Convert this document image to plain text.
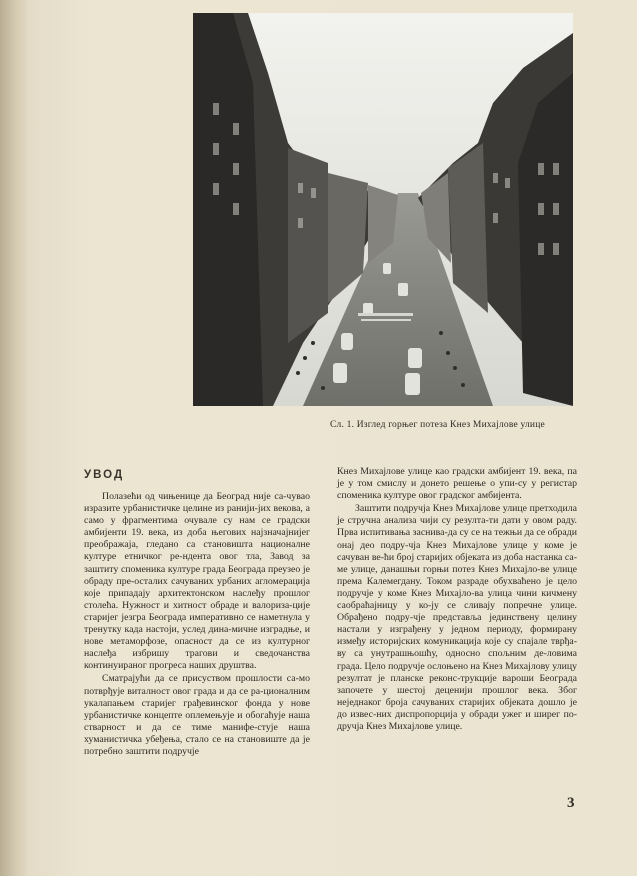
Сл. 1. Изглед горњег потеза Кнез Михајлове улице
УВОД

Полазећи од чињенице да Београд није са-чувао изразите урбанистичке целине из ранији-јих векова, а само у фрагментима очувале су нам се градски амбијенти 19. века, из доба његових најзначајнијег преображаја, гледано са становишта националне културе етничког ре-ндента овог тла, Завод за заштиту споменика културе града Београда преузео је обраду пре-осталих сачуваних урбаних агломерација које припадају архитектонском наслеђу прошлог столећа. Нужност и хитност обраде и валориза-ције старијег језгра Београда императивно се наметнула у тренутку када настоји, услед дина-мичне изградње, и нове метаморфозе, опасност да се из културног наслеђа избришу трагови и сведочанства континуираног прогреса наших друштва.

Сматрајући да се присуством прошлости са-мо потврђује виталност овог града и да се ра-ционалним укалапањем старијег грађевинског фонда у нове урбанистичке концепте оплемењује и обогаћује наша стварност и да се тиме манифе-стује наша хуманистичка убеђења, стало се на становиште да је потребно заштити подручје

Кнез Михајлове улице као градски амбијент 19. века, па је у том смислу и донето решење о упи-су у регистар споменика културе овог градског амбијента.

Заштити подручја Кнез Михајлове улице претходила је стручна анализа чији су резулта-ти дати у овом раду. Прва испитивања заснива-да су се на тежњи да се обради онај део подру-чја Кнез Михајлове улице у коме је сачуван ве-ћи број старијих објеката из доба настанка са-ме улице, данашњи горњи потез Кнез Михајло-ве улице према Калемегдану. Током разраде обухваћено је цело подручје у коме Кнез Михајло-ва улица чини кичмену саобраћајницу у ко-ју се сливају попречне улице. Обрађено подру-чје представља јединствену целину настали у изграђену у једном периоду, формирану између историјских комуникација које су спајале тврђа-ву са унутрашњошћу, односно спољним де-ловима града. Цело подручје ослоњено на Кнез Михајлову улицу резултат је планске реконс-трукције вароши Београда започете у шестој деценији прошлог века. Због неједнаког броја сачуваних старијих објеката дошло је до извес-них диспропорција у обради ужег и ширег по-дручја Кнез Михајлове улице.

3
